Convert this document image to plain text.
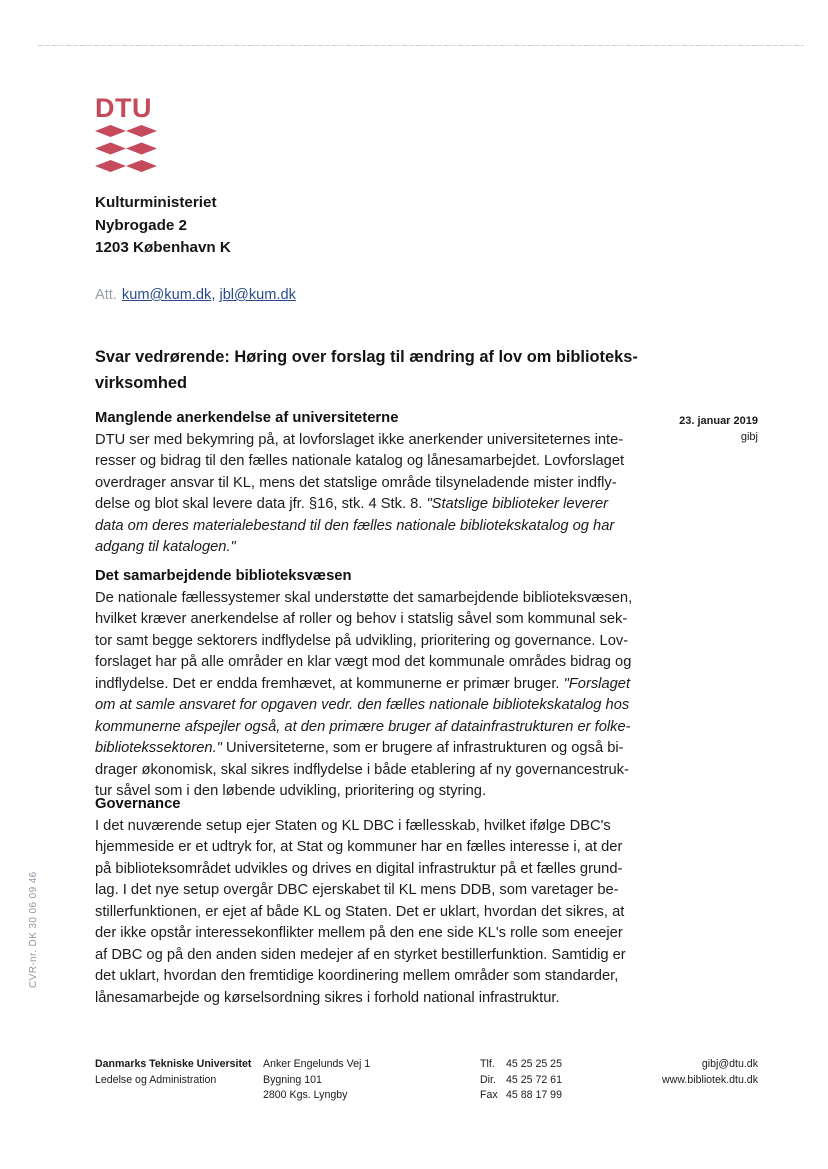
DTU
Kulturministeriet
Nybrogade 2
1203 København K
Att. kum@kum.dk, jbl@kum.dk
Svar vedrørende: Høring over forslag til ændring af lov om biblioteks-
virksomhed
23. januar 2019
gibj
Manglende anerkendelse af universiteterne
DTU ser med bekymring på, at lovforslaget ikke anerkender universiteternes inte-
resser og bidrag til den fælles nationale katalog og lånesamarbejdet. Lovforslaget
overdrager ansvar til KL, mens det statslige område tilsyneladende mister indfly-
delse og blot skal levere data jfr. §16, stk. 4 Stk. 8. "Statslige biblioteker leverer
data om deres materialebestand til den fælles nationale bibliotekskatalog og har
adgang til katalogen."
Det samarbejdende biblioteksvæsen
De nationale fællessystemer skal understøtte det samarbejdende biblioteksvæsen,
hvilket kræver anerkendelse af roller og behov i statslig såvel som kommunal sek-
tor samt begge sektorers indflydelse på udvikling, prioritering og governance. Lov-
forslaget har på alle områder en klar vægt mod det kommunale områdes bidrag og
indflydelse. Det er endda fremhævet, at kommunerne er primær bruger. "Forslaget
om at samle ansvaret for opgaven vedr. den fælles nationale bibliotekskatalog hos
kommunerne afspejler også, at den primære bruger af datainfrastrukturen er folke-
bibliotekssektoren." Universiteterne, som er brugere af infrastrukturen og også bi-
drager økonomisk, skal sikres indflydelse i både etablering af ny governancestruk-
tur såvel som i den løbende udvikling, prioritering og styring.
Governance
I det nuværende setup ejer Staten og KL DBC i fællesskab, hvilket ifølge DBC's
hjemmeside er et udtryk for, at Stat og kommuner har en fælles interesse i, at der
på biblioteksområdet udvikles og drives en digital infrastruktur på et fælles grund-
lag. I det nye setup overgår DBC ejerskabet til KL mens DDB, som varetager be-
stillerfunktionen, er ejet af både KL og Staten. Det er uklart, hvordan det sikres, at
der ikke opstår interessekonflikter mellem på den ene side KL's rolle som eneejer
af DBC og på den anden siden medejer af en styrket bestillerfunktion. Samtidig er
det uklart, hvordan den fremtidige koordinering mellem områder som standarder,
lånesamarbejde og kørselsordning sikres i forhold national infrastruktur.
CVR-nr. DK 30 06 09 46
Danmarks Tekniske Universitet
Ledelse og Administration
Anker Engelunds Vej 1
Bygning 101
2800 Kgs. Lyngby
Tlf. 45 25 25 25
Dir. 45 25 72 61
Fax 45 88 17 99
gibj@dtu.dk
www.bibliotek.dtu.dk
